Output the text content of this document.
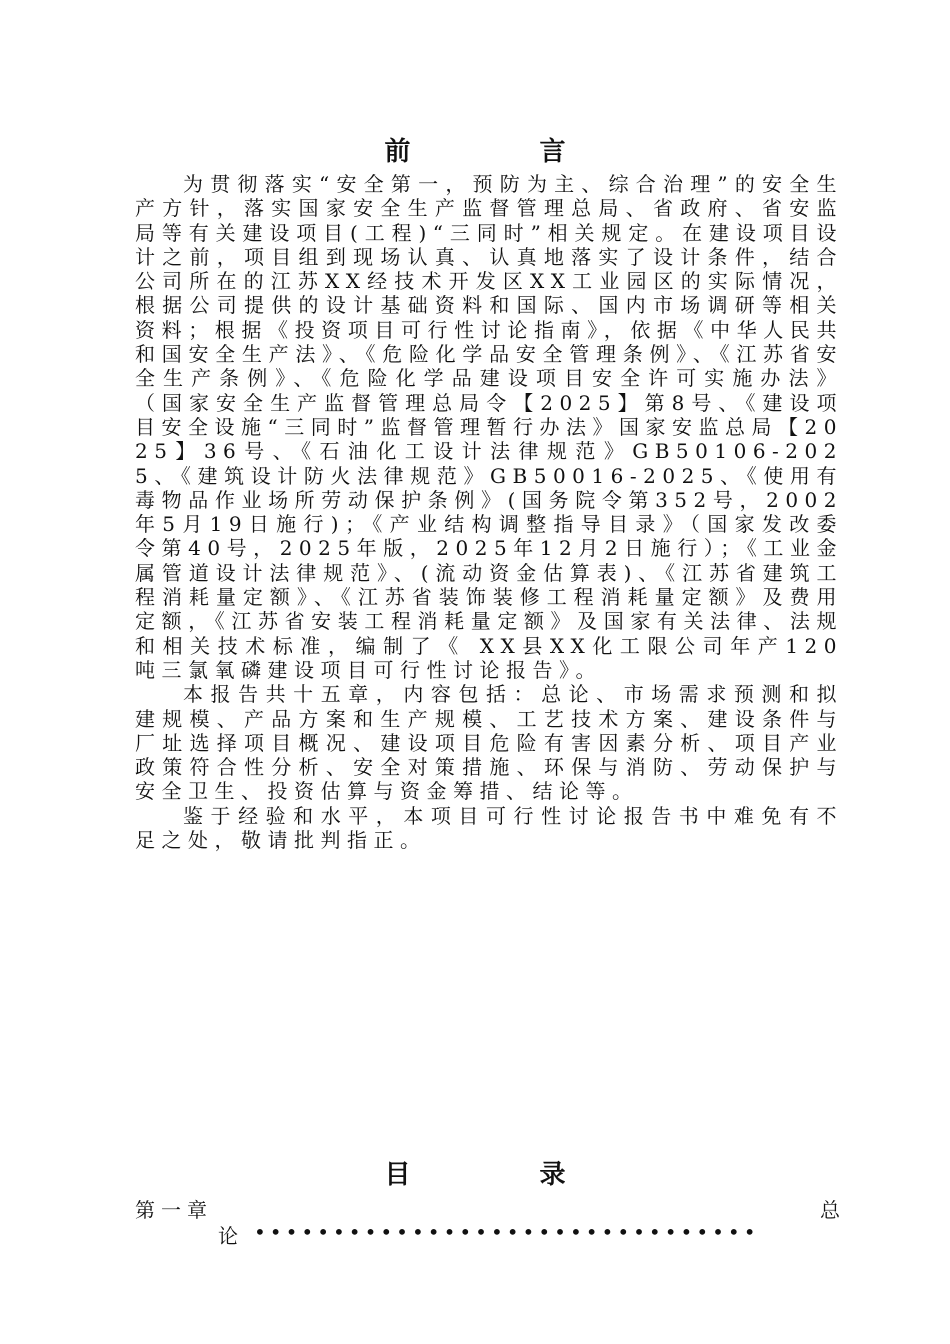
前 言

为贯彻落实“安全第一，预防为主、综合治理”的安全生产方针，落实国家安全生产监督管理总局、省政府、省安监局等有关建设项目(工程)“三同时”相关规定。在建设项目设计之前，项目组到现场认真、认真地落实了设计条件，结合公司所在的江苏XX经技术开发区XX工业园区的实际情况，根据公司提供的设计基础资料和国际、国内市场调研等相关资料；根据《投资项目可行性讨论指南》，依据《中华人民共和国安全生产法》、《危险化学品安全管理条例》、《江苏省安全生产条例》、《危险化学品建设项目安全许可实施办法》（国家安全生产监督管理总局令【2025】第8号、《建设项目安全设施“三同时”监督管理暂行办法》国家安监总局【2025】36号、《石油化工设计法律规范》GB50106-2025、《建筑设计防火法律规范》GB50016-2025、《使用有毒物品作业场所劳动保护条例》(国务院令第352号，2002年5月19日施行)；《产业结构调整指导目录》（国家发改委令第40号，2025年版，2025年12月2日施行）；《工业金属管道设计法律规范》、(流动资金估算表)、《江苏省建筑工程消耗量定额》、《江苏省装饰装修工程消耗量定额》及费用定额，《江苏省安装工程消耗量定额》及国家有关法律、法规和相关技术标准，编制了《 XX县XX化工限公司年产120吨三氯氧磷建设项目可行性讨论报告》。

本报告共十五章，内容包括：总论、市场需求预测和拟建规模、产品方案和生产规模、工艺技术方案、建设条件与厂址选择项目概况、建设项目危险有害因素分析、项目产业政策符合性分析、安全对策措施、环保与消防、劳动保护与安全卫生、投资估算与资金筹措、结论等。

鉴于经验和水平，本项目可行性讨论报告书中难免有不足之处，敬请批判指正。

目 录
第一章	总
论 ••••••••••••••••••••••••••••••••
